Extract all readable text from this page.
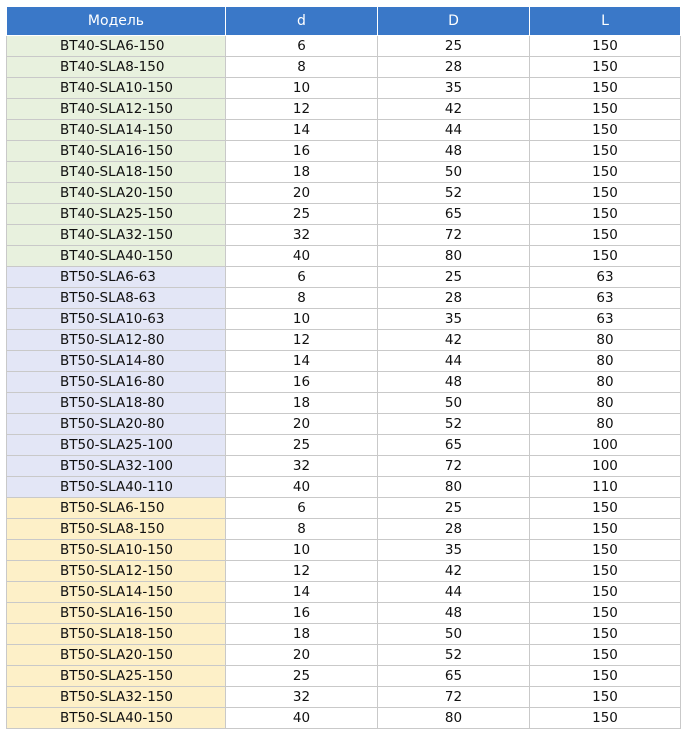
Модель	d	D	L
BT40-SLA6-150	6	25	150
BT40-SLA8-150	8	28	150
BT40-SLA10-150	10	35	150
BT40-SLA12-150	12	42	150
BT40-SLA14-150	14	44	150
BT40-SLA16-150	16	48	150
BT40-SLA18-150	18	50	150
BT40-SLA20-150	20	52	150
BT40-SLA25-150	25	65	150
BT40-SLA32-150	32	72	150
BT40-SLA40-150	40	80	150
BT50-SLA6-63	6	25	63
BT50-SLA8-63	8	28	63
BT50-SLA10-63	10	35	63
BT50-SLA12-80	12	42	80
BT50-SLA14-80	14	44	80
BT50-SLA16-80	16	48	80
BT50-SLA18-80	18	50	80
BT50-SLA20-80	20	52	80
BT50-SLA25-100	25	65	100
BT50-SLA32-100	32	72	100
BT50-SLA40-110	40	80	110
BT50-SLA6-150	6	25	150
BT50-SLA8-150	8	28	150
BT50-SLA10-150	10	35	150
BT50-SLA12-150	12	42	150
BT50-SLA14-150	14	44	150
BT50-SLA16-150	16	48	150
BT50-SLA18-150	18	50	150
BT50-SLA20-150	20	52	150
BT50-SLA25-150	25	65	150
BT50-SLA32-150	32	72	150
BT50-SLA40-150	40	80	150
